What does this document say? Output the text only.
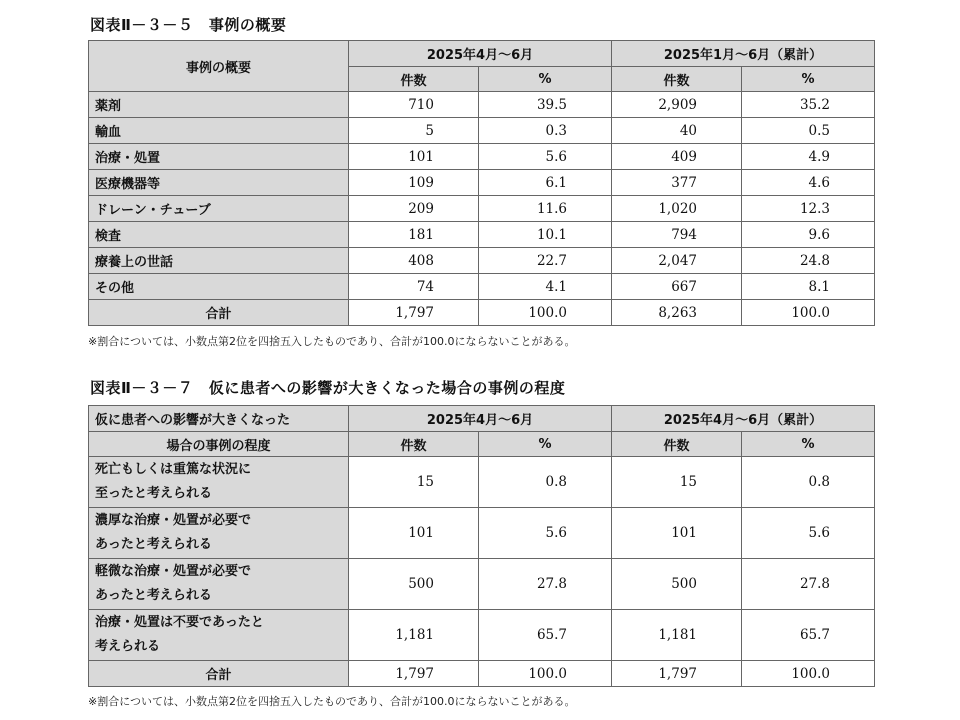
図表Ⅱ－３－５　事例の概要
事例の概要	2025年4月～6月		2025年1月～6月（累計）	
	件数	%	件数	%
薬剤	710	39.5	2,909	35.2
輸血	5	0.3	40	0.5
治療・処置	101	5.6	409	4.9
医療機器等	109	6.1	377	4.6
ドレーン・チューブ	209	11.6	1,020	12.3
検査	181	10.1	794	9.6
療養上の世話	408	22.7	2,047	24.8
その他	74	4.1	667	8.1
合計	1,797	100.0	8,263	100.0
※割合については、小数点第2位を四捨五入したものであり、合計が100.0にならないことがある。
図表Ⅱ－３－７　仮に患者への影響が大きくなった場合の事例の程度
仮に患者への影響が大きくなった	2025年4月～6月		2025年4月～6月（累計）	
場合の事例の程度	件数	%	件数	%

死亡もしくは重篤な状況に
至ったと考えられる	15	0.8	15	0.8

濃厚な治療・処置が必要で
あったと考えられる	101	5.6	101	5.6

軽微な治療・処置が必要で
あったと考えられる	500	27.8	500	27.8

治療・処置は不要であったと
考えられる	1,181	65.7	1,181	65.7
合計	1,797	100.0	1,797	100.0
※割合については、小数点第2位を四捨五入したものであり、合計が100.0にならないことがある。
